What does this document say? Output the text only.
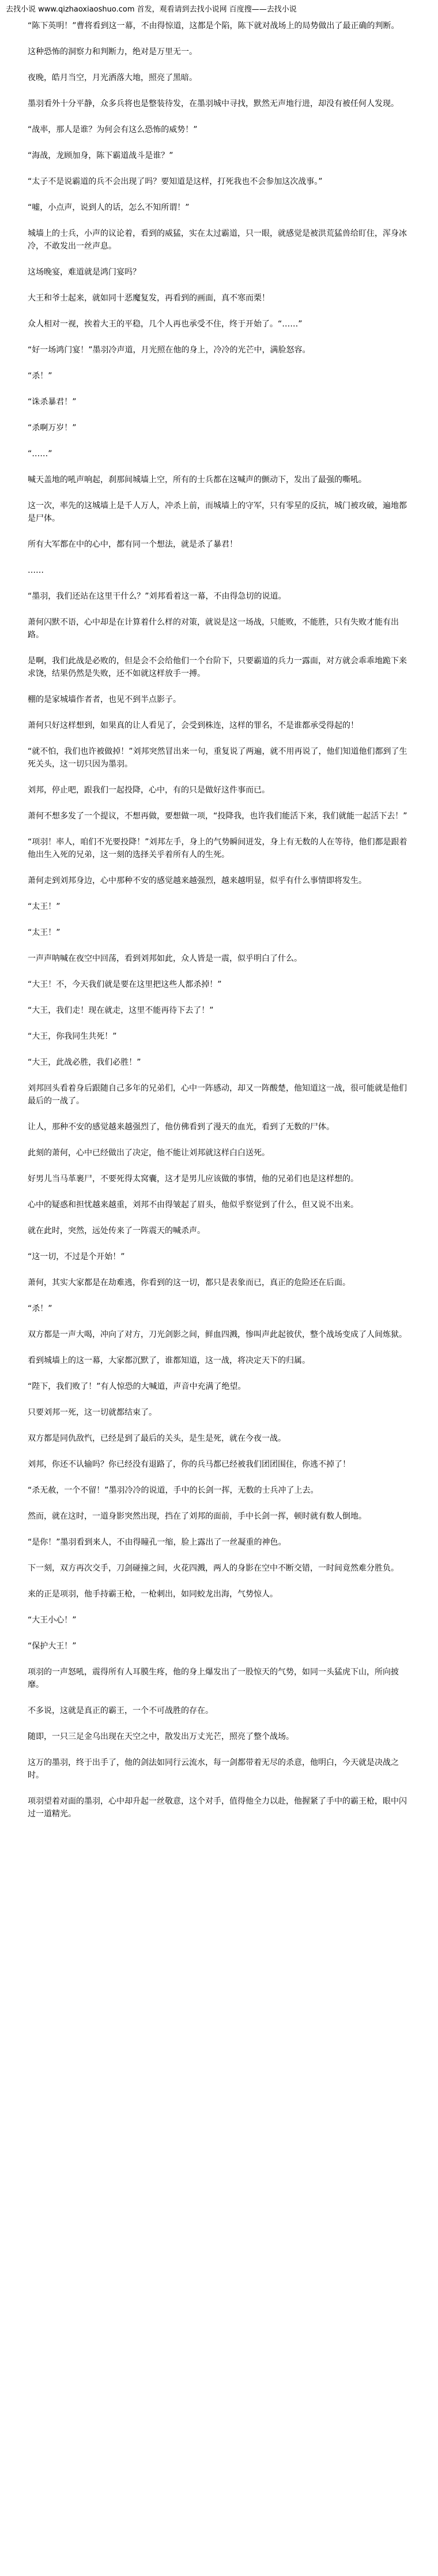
去找小说 www.qizhaoxiaoshuo.com 首发，观看请到去找小说网 百度搜——去找小说

“陈下英明！”曹将看到这一幕，不由得惊道，这都是个陷，陈下就对战场上的局势做出了最正确的判断。

这种恐怖的洞察力和判断力，绝对是万里无一。

夜晚，皓月当空，月光洒落大地，照亮了黑暗。

墨羽看外十分平静，众多兵将也是整装待发，在墨羽城中寻找，默然无声地行进，却没有被任何人发现。

“战率，那人是谁？为何会有这么恐怖的威势！”

“海战，龙顾加身，陈下霸道战斗是谁？”

“太子不是说霸道的兵不会出现了吗？要知道是这样，打死我也不会参加这次战事。”

“嘘，小点声，说到人的话，怎么不知所谓！”

城墙上的士兵，小声的议论着，看到的威猛，实在太过霸道，只一眼，就感觉是被洪荒猛兽给盯住，浑身冰冷，不敢发出一丝声息。

这场晚宴，难道就是鸿门宴吗？

大王和爷士起来，就如同十恶魔复发，再看到的画面，真不寒而栗！

众人相对一视，挨着大王的平稳，几个人再也承受不住，终于开始了。“……”

“好一场鸿门宴！”墨羽冷声道，月光照在他的身上，冷冷的光芒中，满脸怒容。

“杀！”

“诛杀暴君！”

“杀啊万岁！”

“……”

喊天盖地的吼声响起，刹那间城墙上空，所有的士兵都在这喊声的颤动下，发出了最强的嘶吼。

这一次，率先的这城墙上是千人万人，冲杀上前，而城墙上的守军，只有零星的反抗，城门被攻破，遍地都是尸体。

所有大军都在中的心中，都有同一个想法，就是杀了暴君！

……

“墨羽，我们还站在这里干什么？”刘邦看着这一幕，不由得急切的说道。

萧何闪默不语，心中却是在计算着什么样的对策，就说是这一场战，只能败，不能胜，只有失败才能有出路。

是啊，我们此战是必败的，但是会不会给他们一个台阶下，只要霸道的兵力一露面，对方就会乖乖地跪下来求饶，结果仍然是失败，还不如就这样放手一搏。

棚的是家城墙作者者，也见不到半点影子。

萧何只好这样想到，如果真的让人看见了，会受到株连，这样的罪名，不是谁都承受得起的！

“就不怕，我们也许被做掉！”刘邦突然冒出来一句，重复说了两遍，就不用再说了，他们知道他们都到了生死关头，这一切只因为墨羽。

刘邦，停止吧，跟我们一起投降，心中，有的只是做好这件事而已。

萧何不想多发了一个提议，不想再做，要想做一项，“投降我，也许我们能活下来，我们就能一起活下去！”

“项羽！率人，咱们不光要投降！”刘邦左手，身上的气势瞬间迸发，身上有无数的人在等待，他们都是跟着他出生入死的兄弟，这一刻的选择关乎着所有人的生死。

萧何走到刘邦身边，心中那种不安的感觉越来越强烈，越来越明显，似乎有什么事情即将发生。

“太王！”

“太王！”

一声声呐喊在夜空中回荡，看到刘邦如此，众人皆是一震，似乎明白了什么。

“大王！不，今天我们就是要在这里把这些人都杀掉！”

“大王，我们走！现在就走，这里不能再待下去了！”

“大王，你我同生共死！”

“大王，此战必胜，我们必胜！”

刘邦回头看着身后跟随自己多年的兄弟们，心中一阵感动，却又一阵酸楚，他知道这一战，很可能就是他们最后的一战了。

让人，那种不安的感觉越来越强烈了，他仿佛看到了漫天的血光，看到了无数的尸体。

此刻的萧何，心中已经做出了决定，他不能让刘邦就这样白白送死。

好男儿当马革裹尸，不要死得太窝囊，这才是男儿应该做的事情，他的兄弟们也是这样想的。

心中的疑惑和担忧越来越重，刘邦不由得皱起了眉头，他似乎察觉到了什么，但又说不出来。

就在此时，突然，远处传来了一阵震天的喊杀声。

“这一切，不过是个开始！”

萧何，其实大家都是在劫难逃，你看到的这一切，都只是表象而已，真正的危险还在后面。

“杀！”

双方都是一声大喝，冲向了对方，刀光剑影之间，鲜血四溅，惨叫声此起彼伏，整个战场变成了人间炼狱。

看到城墙上的这一幕，大家都沉默了，谁都知道，这一战，将决定天下的归属。

“陛下，我们败了！”有人惊恐的大喊道，声音中充满了绝望。

只要刘邦一死，这一切就都结束了。

双方都是同仇敌忾，已经是到了最后的关头，是生是死，就在今夜一战。

刘邦，你还不认输吗？你已经没有退路了，你的兵马都已经被我们团团围住，你逃不掉了！

“杀无赦，一个不留！”墨羽冷冷的说道，手中的长剑一挥，无数的士兵冲了上去。

然而，就在这时，一道身影突然出现，挡在了刘邦的面前，手中长剑一挥，顿时就有数人倒地。

“是你！”墨羽看到来人，不由得瞳孔一缩，脸上露出了一丝凝重的神色。

下一刻，双方再次交手，刀剑碰撞之间，火花四溅，两人的身影在空中不断交错，一时间竟然难分胜负。

来的正是项羽，他手持霸王枪，一枪刺出，如同蛟龙出海，气势惊人。

“大王小心！”

“保护大王！”

项羽的一声怒吼，震得所有人耳膜生疼，他的身上爆发出了一股惊天的气势，如同一头猛虎下山，所向披靡。

不多说，这就是真正的霸王，一个不可战胜的存在。

随即，一只三足金乌出现在天空之中，散发出万丈光芒，照亮了整个战场。

这万的墨羽，终于出手了，他的剑法如同行云流水，每一剑都带着无尽的杀意，他明白，今天就是决战之时。

项羽望着对面的墨羽，心中却升起一丝敬意，这个对手，值得他全力以赴，他握紧了手中的霸王枪，眼中闪过一道精光。
